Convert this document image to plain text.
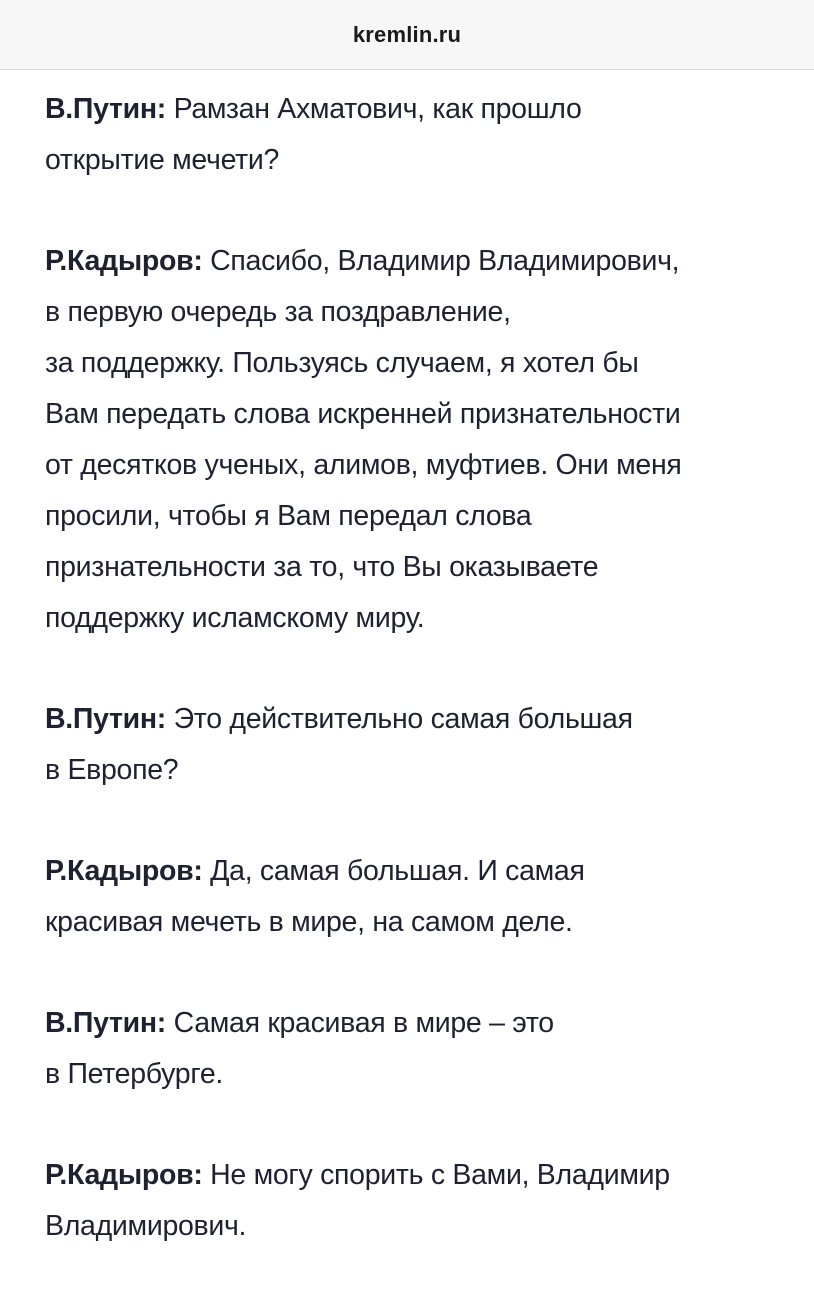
kremlin.ru

В.Путин: Рамзан Ахматович, как прошло
открытие мечети?

Р.Кадыров: Спасибо, Владимир Владимирович,
в первую очередь за поздравление,
за поддержку. Пользуясь случаем, я хотел бы
Вам передать слова искренней признательности
от десятков ученых, алимов, муфтиев. Они меня
просили, чтобы я Вам передал слова
признательности за то, что Вы оказываете
поддержку исламскому миру.

В.Путин: Это действительно самая большая
в Европе?

Р.Кадыров: Да, самая большая. И самая
красивая мечеть в мире, на самом деле.

В.Путин: Самая красивая в мире – это
в Петербурге.

Р.Кадыров: Не могу спорить с Вами, Владимир
Владимирович.
